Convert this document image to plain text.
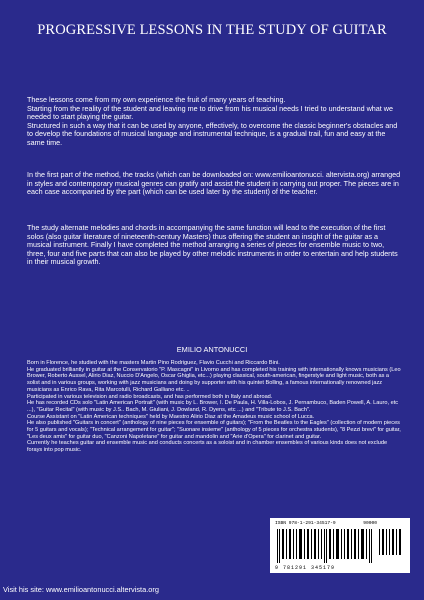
PROGRESSIVE LESSONS IN THE STUDY OF GUITAR
These lessons come from my own experience the fruit of many years of teaching.
Starting from the reality of the student and leaving me to drive from his musical needs I tried to understand what we needed to start playing the guitar.
Structured in such a way that it can be used by anyone, effectively, to overcome the classic beginner's obstacles and to develop the foundations of musical language and instrumental technique, is a gradual trail, fun and easy at the same time.
In the first part of the method, the tracks (which can be downloaded on: www.emilioantonucci. altervista.org) arranged in styles and contemporary musical genres can gratify and assist the student in carrying out proper. The pieces are in each case accompanied by the part (which can be used later by the student) of the teacher.
The study alternate melodies and chords in accompanying the same function will lead to the execution of the first solos (also guitar literature of nineteenth-century Masters) thus offering the student an insight of the guitar as a musical instrument. Finally I have completed the method arranging a series of pieces for ensemble music to two, three, four and five parts that can also be played by other melodic instruments in order to entertain and help students in their musical growth.
EMILIO ANTONUCCI
Born in Florence, he studied with the masters Martin Pino Rodriguez, Flavio Cucchi and Riccardo Bini.
He graduated brilliantly in guitar at the Conservatorio "P. Mascagni" in Livorno and has completed his training with internationally knows musicians (Leo Brower, Roberto Aussel, Alirio Diaz, Nuccio D'Angelo, Oscar Ghiglia, etc...) playing classical, south-american, fingerstyle and light music, both as a solist and in various groups, working with jazz musicians and doing by supporter with his quintet Bolling, a famous internationally renowned jazz musicians as Enrico Rava, Rita Marcotulli, Richard Galliano etc. ..
Participated in various television and radio broadcasts, and has performed both in Italy and abroad.
He has recorded CDs solo "Latin American Portrait" (with music by L. Brower, I. De Paula, H. Villa-Lobos, J. Pernambuco, Baden Powell, A. Lauro, etc ...), "Guitar Recital" (with music by J.S.. Bach, M. Giuliani, J. Dowland, R. Dyens, etc ...) and "Tribute to J.S. Bach".
Course Assistant on "Latin American techniques" held by Maestro Alirio Diaz at the Amadeus music school of Lucca.
He also published "Guitars in concert" (anthology of nine pieces for ensemble of guitars); "From the Beatles to the Eagles" (collection of modern pieces for 5 guitars and vocals); "Technical arrangement for guitar"; "Suonare insieme" (anthology of 5 pieces for orchestra students), "8 Pezzi brevi" for guitar, "Les deux amis" for guitar duo, "Canzoni Napoletane" for guitar and mandolin and "Arie d'Opera" for clarinet and guitar.
Currently he teaches guitar and ensemble music and conducts concerts as a soloist and in chamber ensembles of various kinds does not exclude forays into pop music.
ISBN 978-1-291-34517-9	90000
9 781291 345179
Visit his site: www.emilioantonucci.altervista.org
